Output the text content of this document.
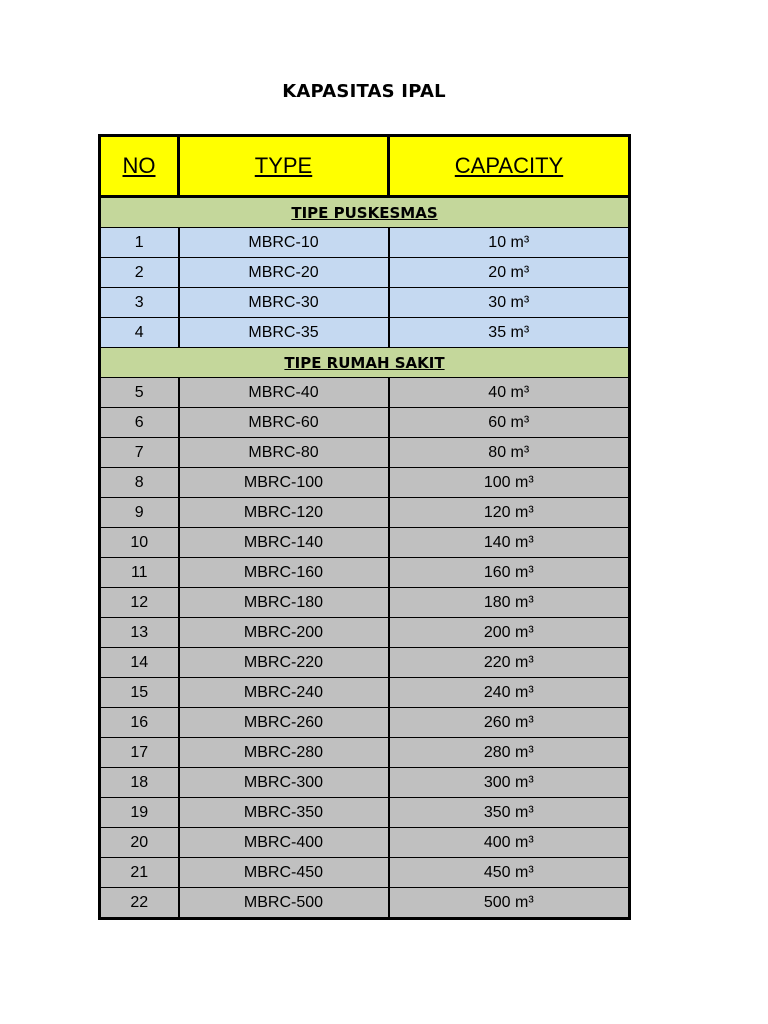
KAPASITAS IPAL
NO	TYPE	CAPACITY
TIPE PUSKESMAS		
1	MBRC-10	10 m³
2	MBRC-20	20 m³
3	MBRC-30	30 m³
4	MBRC-35	35 m³
TIPE RUMAH SAKIT		
5	MBRC-40	40 m³
6	MBRC-60	60 m³
7	MBRC-80	80 m³
8	MBRC-100	100 m³
9	MBRC-120	120 m³
10	MBRC-140	140 m³
11	MBRC-160	160 m³
12	MBRC-180	180 m³
13	MBRC-200	200 m³
14	MBRC-220	220 m³
15	MBRC-240	240 m³
16	MBRC-260	260 m³
17	MBRC-280	280 m³
18	MBRC-300	300 m³
19	MBRC-350	350 m³
20	MBRC-400	400 m³
21	MBRC-450	450 m³
22	MBRC-500	500 m³
